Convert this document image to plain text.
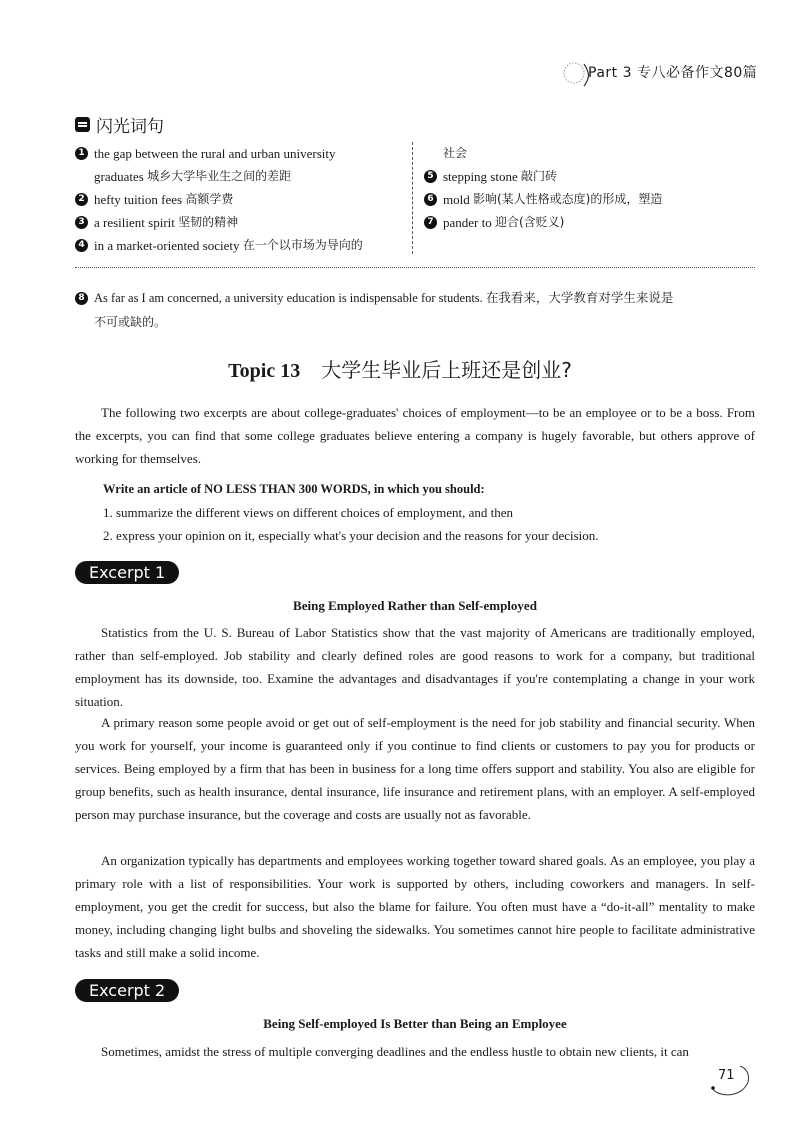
Part 3 专八必备作文80篇
闪光词句
1 the gap between the rural and urban university
graduates
城乡大学毕业生之间的差距
2 hefty tuition fees
高额学费
3 a resilient spirit
坚韧的精神
4 in a market-oriented society
在一个以市场为导向的
社会
5 stepping stone
敲门砖
6 mold
影响(某人性格或态度)的形成，塑造
7 pander to
迎合(含贬义)
8 As far as I am concerned, a university education is indispensable for students. 在我看来，大学教育对学生来说是
不可或缺的。
Topic 13 大学生毕业后上班还是创业?
The following two excerpts are about college-graduates' choices of employment—to be an employee or to be a boss. From the excerpts, you can find that some college graduates believe entering a company is hugely favorable, but others approve of working for themselves.
Write an article of NO LESS THAN 300 WORDS, in which you should:
1. summarize the different views on different choices of employment, and then
2. express your opinion on it, especially what's your decision and the reasons for your decision.
Excerpt 1
Being Employed Rather than Self-employed
Statistics from the U. S. Bureau of Labor Statistics show that the vast majority of Americans are traditionally employed, rather than self-employed. Job stability and clearly defined roles are good reasons to work for a company, but traditional employment has its downside, too. Examine the advantages and disadvantages if you're contemplating a change in your work situation.
A primary reason some people avoid or get out of self-employment is the need for job stability and financial security. When you work for yourself, your income is guaranteed only if you continue to find clients or customers to pay you for products or services. Being employed by a firm that has been in business for a long time offers support and stability. You also are eligible for group benefits, such as health insurance, dental insurance, life insurance and retirement plans, with an employer. A self-employed person may purchase insurance, but the coverage and costs are usually not as favorable.
An organization typically has departments and employees working together toward shared goals. As an employee, you play a primary role with a list of responsibilities. Your work is supported by others, including coworkers and managers. In self-employment, you get the credit for success, but also the blame for failure. You often must have a “do-it-all” mentality to make money, including changing light bulbs and shoveling the sidewalks. You sometimes cannot hire people to facilitate administrative tasks and still make a solid income.
Excerpt 2
Being Self-employed Is Better than Being an Employee
Sometimes, amidst the stress of multiple converging deadlines and the endless hustle to obtain new clients, it can
71
